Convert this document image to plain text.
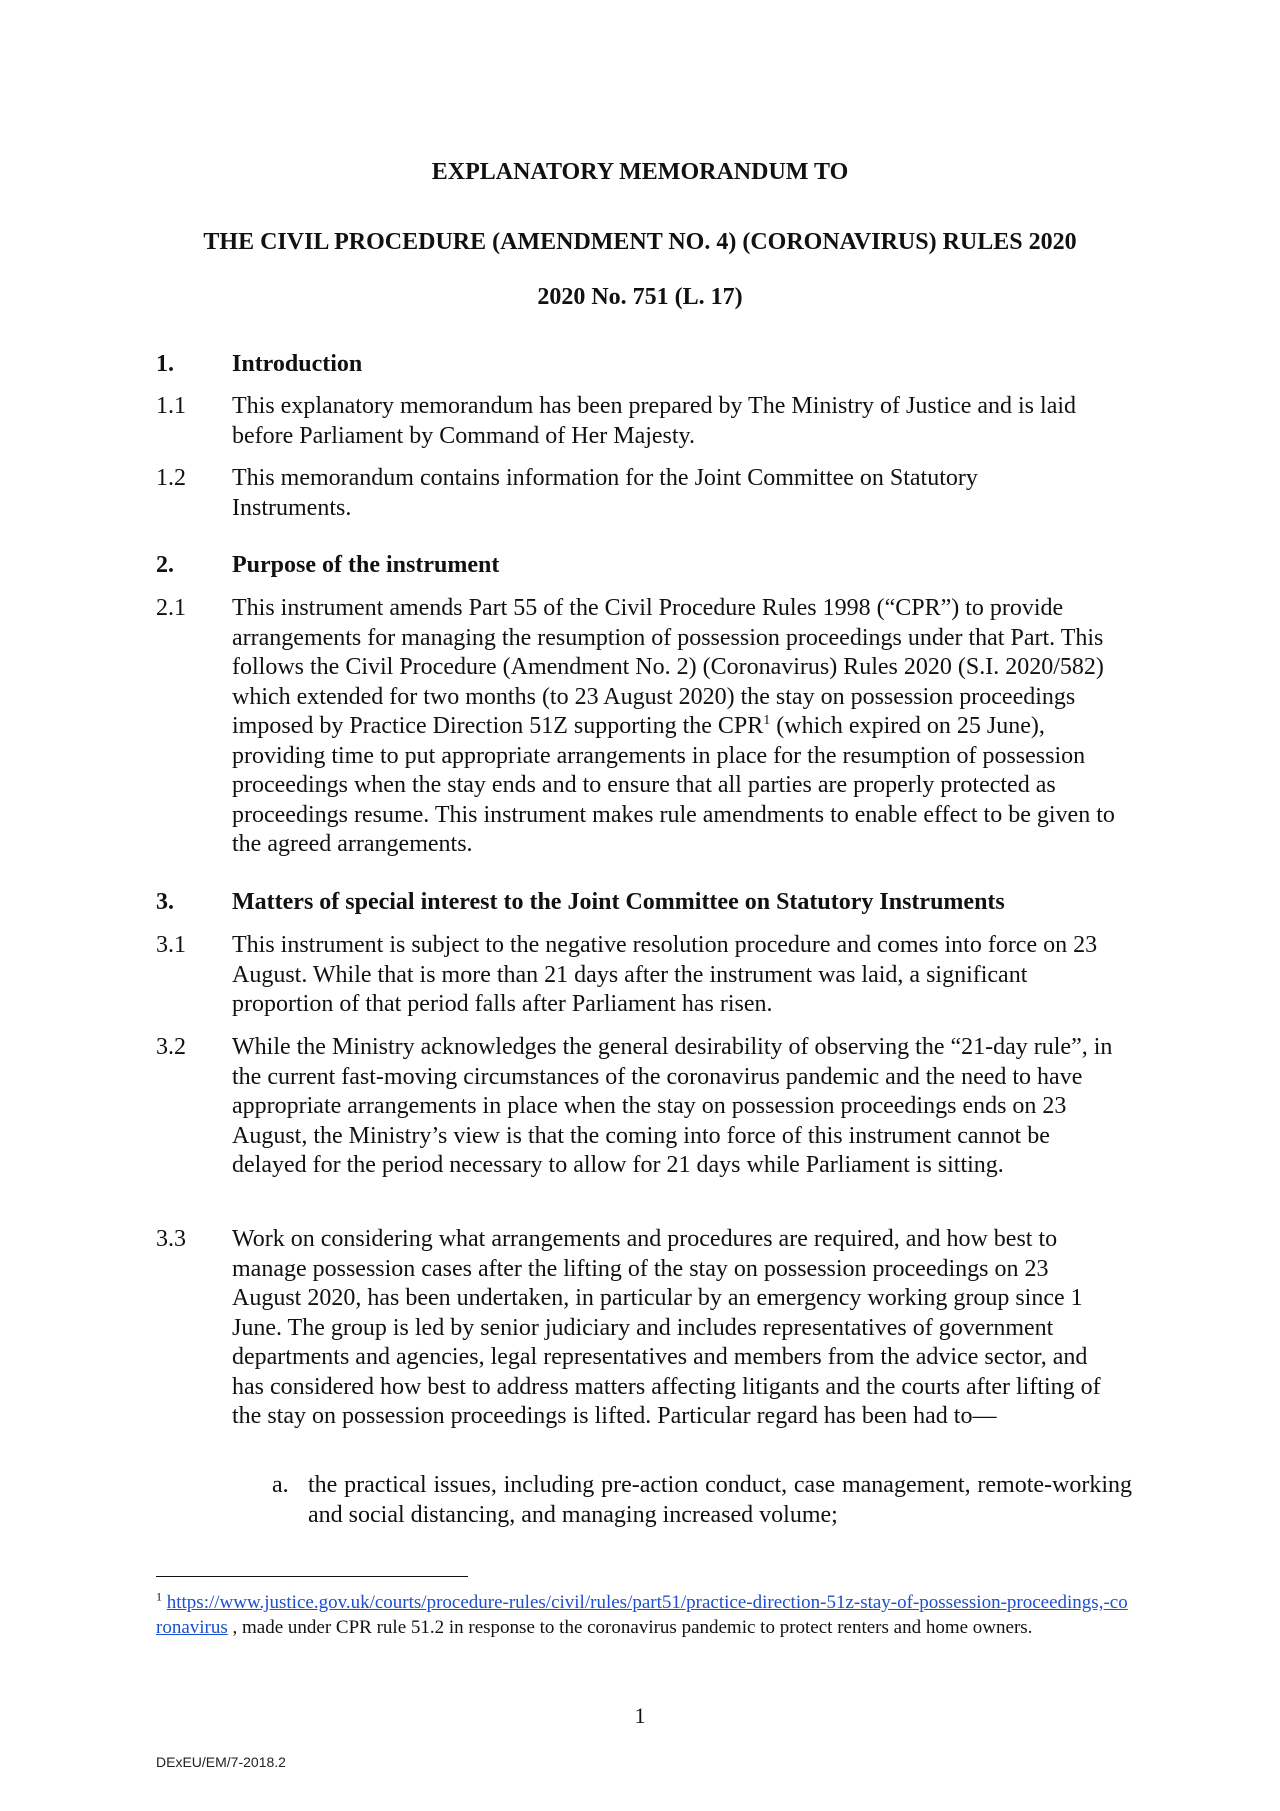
EXPLANATORY MEMORANDUM TO
THE CIVIL PROCEDURE (AMENDMENT NO. 4) (CORONAVIRUS) RULES 2020
2020 No. 751 (L. 17)
1. Introduction
1.1 This explanatory memorandum has been prepared by The Ministry of Justice and is laid before Parliament by Command of Her Majesty.
1.2 This memorandum contains information for the Joint Committee on Statutory Instruments.
2. Purpose of the instrument
2.1 This instrument amends Part 55 of the Civil Procedure Rules 1998 (“CPR”) to provide arrangements for managing the resumption of possession proceedings under that Part. This follows the Civil Procedure (Amendment No. 2) (Coronavirus) Rules 2020 (S.I. 2020/582) which extended for two months (to 23 August 2020) the stay on possession proceedings imposed by Practice Direction 51Z supporting the CPR$^1$ (which expired on 25 June), providing time to put appropriate arrangements in place for the resumption of possession proceedings when the stay ends and to ensure that all parties are properly protected as proceedings resume. This instrument makes rule amendments to enable effect to be given to the agreed arrangements.
3. Matters of special interest to the Joint Committee on Statutory Instruments
3.1 This instrument is subject to the negative resolution procedure and comes into force on 23 August. While that is more than 21 days after the instrument was laid, a significant proportion of that period falls after Parliament has risen.
3.2 While the Ministry acknowledges the general desirability of observing the “21-day rule”, in the current fast-moving circumstances of the coronavirus pandemic and the need to have appropriate arrangements in place when the stay on possession proceedings ends on 23 August, the Ministry’s view is that the coming into force of this instrument cannot be delayed for the period necessary to allow for 21 days while Parliament is sitting.
3.3 Work on considering what arrangements and procedures are required, and how best to manage possession cases after the lifting of the stay on possession proceedings on 23 August 2020, has been undertaken, in particular by an emergency working group since 1 June. The group is led by senior judiciary and includes representatives of government departments and agencies, legal representatives and members from the advice sector, and has considered how best to address matters affecting litigants and the courts after lifting of the stay on possession proceedings is lifted. Particular regard has been had to—
a. the practical issues, including pre-action conduct, case management, remote-working and social distancing, and managing increased volume;
$^1$ https://www.justice.gov.uk/courts/procedure-rules/civil/rules/part51/practice-direction-51z-stay-of-possession-proceedings,-coronavirus , made under CPR rule 51.2 in response to the coronavirus pandemic to protect renters and home owners.
1
DExEU/EM/7-2018.2
